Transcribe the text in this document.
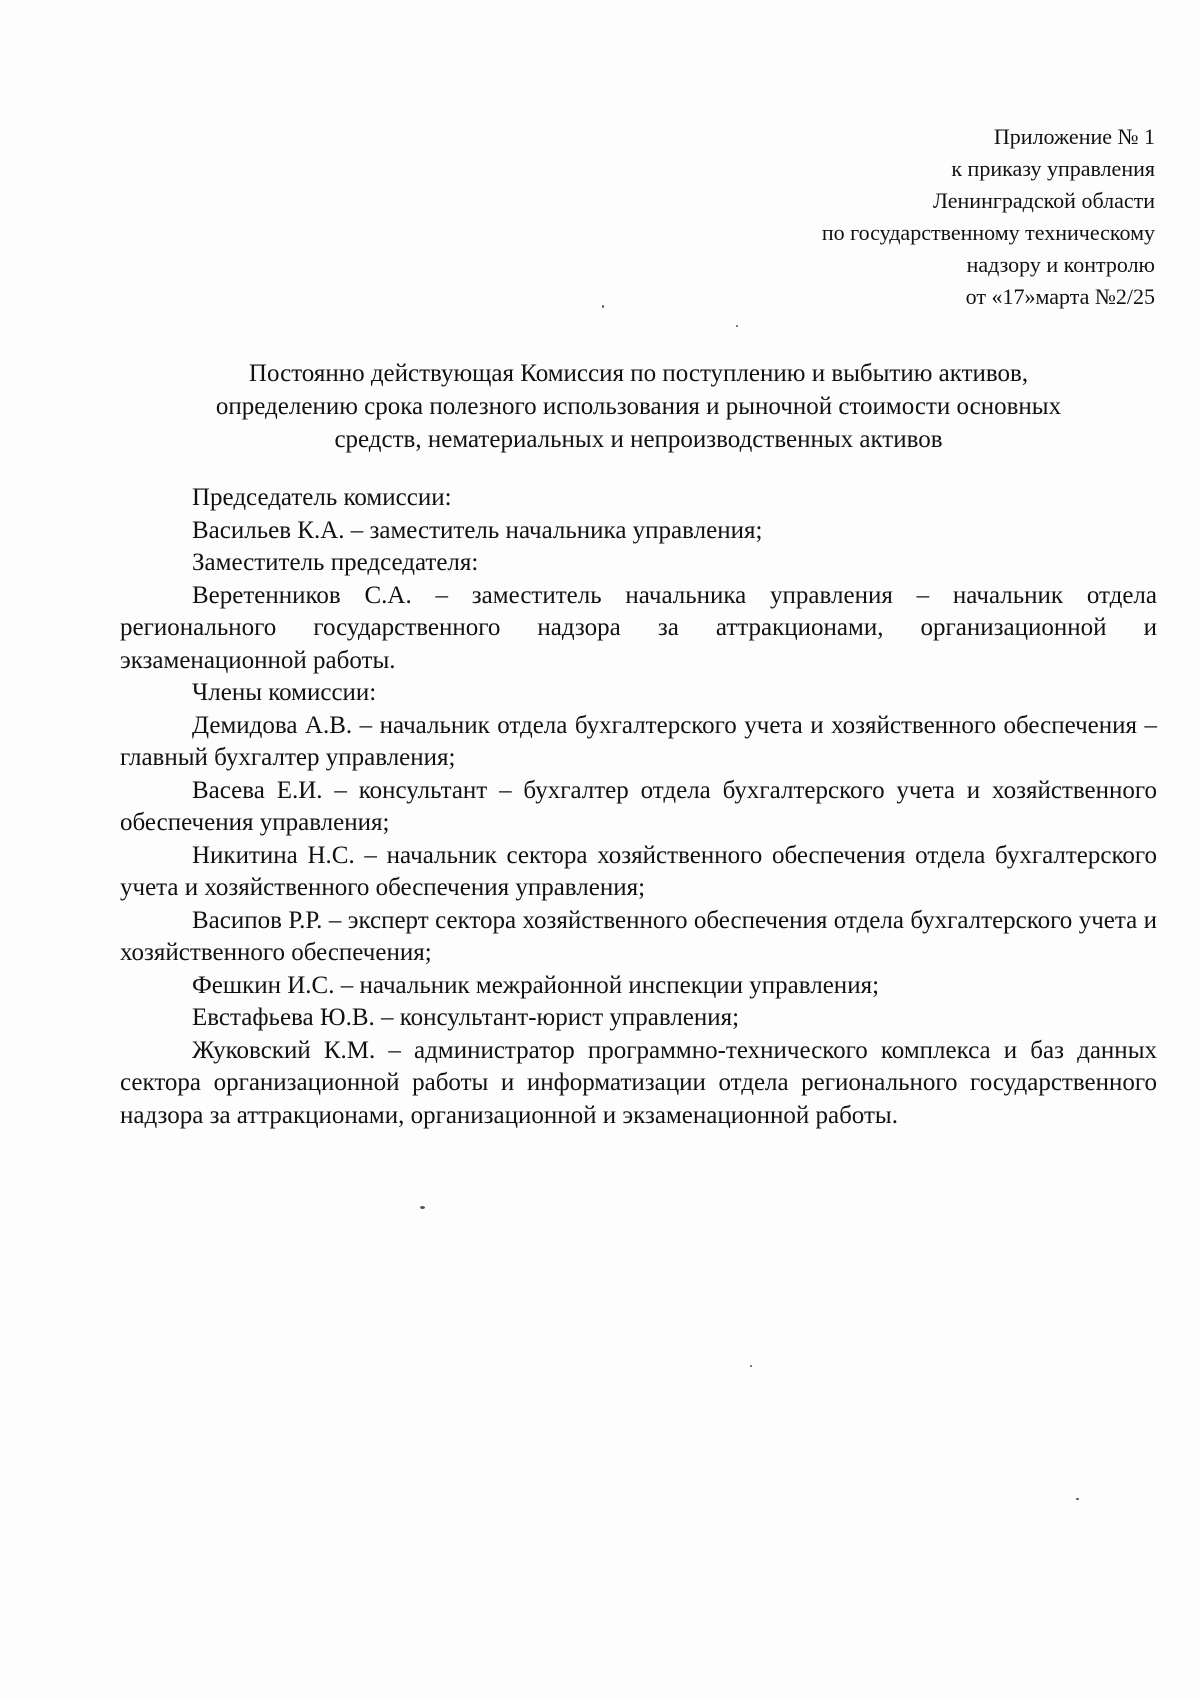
Приложение № 1
к приказу управления
Ленинградской области
по государственному техническому
надзору и контролю
от «17»марта №2/25
Постоянно действующая Комиссия по поступлению и выбытию активов,
определению срока полезного использования и рыночной стоимости основных
средств, нематериальных и непроизводственных активов

Председатель комиссии:

Васильев К.А. – заместитель начальника управления;

Заместитель председателя:

Веретенников С.А. – заместитель начальника управления – начальник отдела регионального государственного надзора за аттракционами, организационной и экзаменационной работы.

Члены комиссии:

Демидова А.В. – начальник отдела бухгалтерского учета и хозяйственного обеспечения – главный бухгалтер управления;

Васева Е.И. – консультант – бухгалтер отдела бухгалтерского учета и хозяйственного обеспечения управления;

Никитина Н.С. – начальник сектора хозяйственного обеспечения отдела бухгалтерского учета и хозяйственного обеспечения управления;

Васипов Р.Р. – эксперт сектора хозяйственного обеспечения отдела бухгалтерского учета и хозяйственного обеспечения;

Фешкин И.С. – начальник межрайонной инспекции управления;

Евстафьева Ю.В. – консультант-юрист управления;

Жуковский К.М. – администратор программно-технического комплекса и баз данных сектора организационной работы и информатизации отдела регионального государственного надзора за аттракционами, организационной и экзаменационной работы.
